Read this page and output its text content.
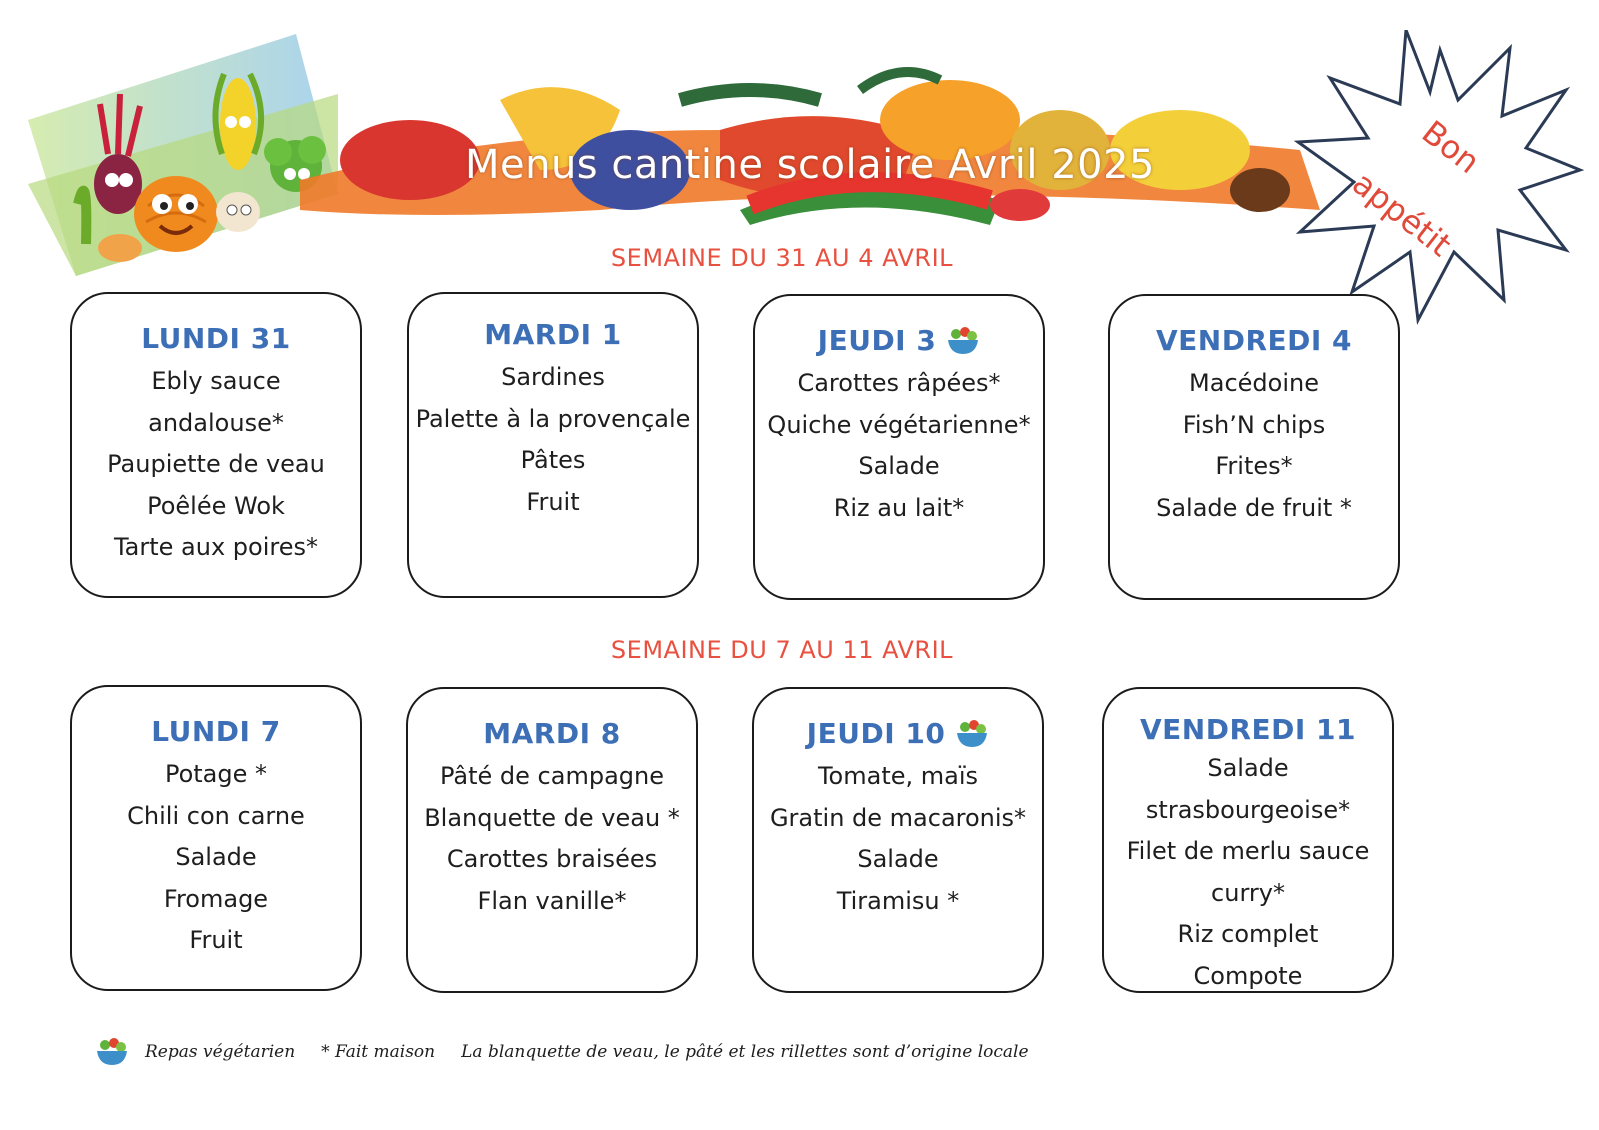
Menus cantine scolaire Avril 2025	Bon
appétit
SEMAINE DU 31 AU 4 AVRIL
LUNDI 31
Ebly sauce
andalouse*
Paupiette de veau
Poêlée Wok
Tarte aux poires*
MARDI 1
Sardines
Palette à la provençale
Pâtes
Fruit
JEUDI 3
Carottes râpées*
Quiche végétarienne*
Salade
Riz au lait*
VENDREDI 4
Macédoine
Fish’N chips
Frites*
Salade de fruit *
SEMAINE DU 7 AU 11 AVRIL
LUNDI 7
Potage *
Chili con carne
Salade
Fromage
Fruit
MARDI 8
Pâté de campagne
Blanquette de veau *
Carottes braisées
Flan vanille*
JEUDI 10
Tomate, maïs
Gratin de macaronis*
Salade
Tiramisu *
VENDREDI 11
Salade
strasbourgeoise*
Filet de merlu sauce
curry*
Riz complet
Compote
Repas végétarien * Fait maison La blanquette de veau, le pâté et les rillettes sont d’origine locale
